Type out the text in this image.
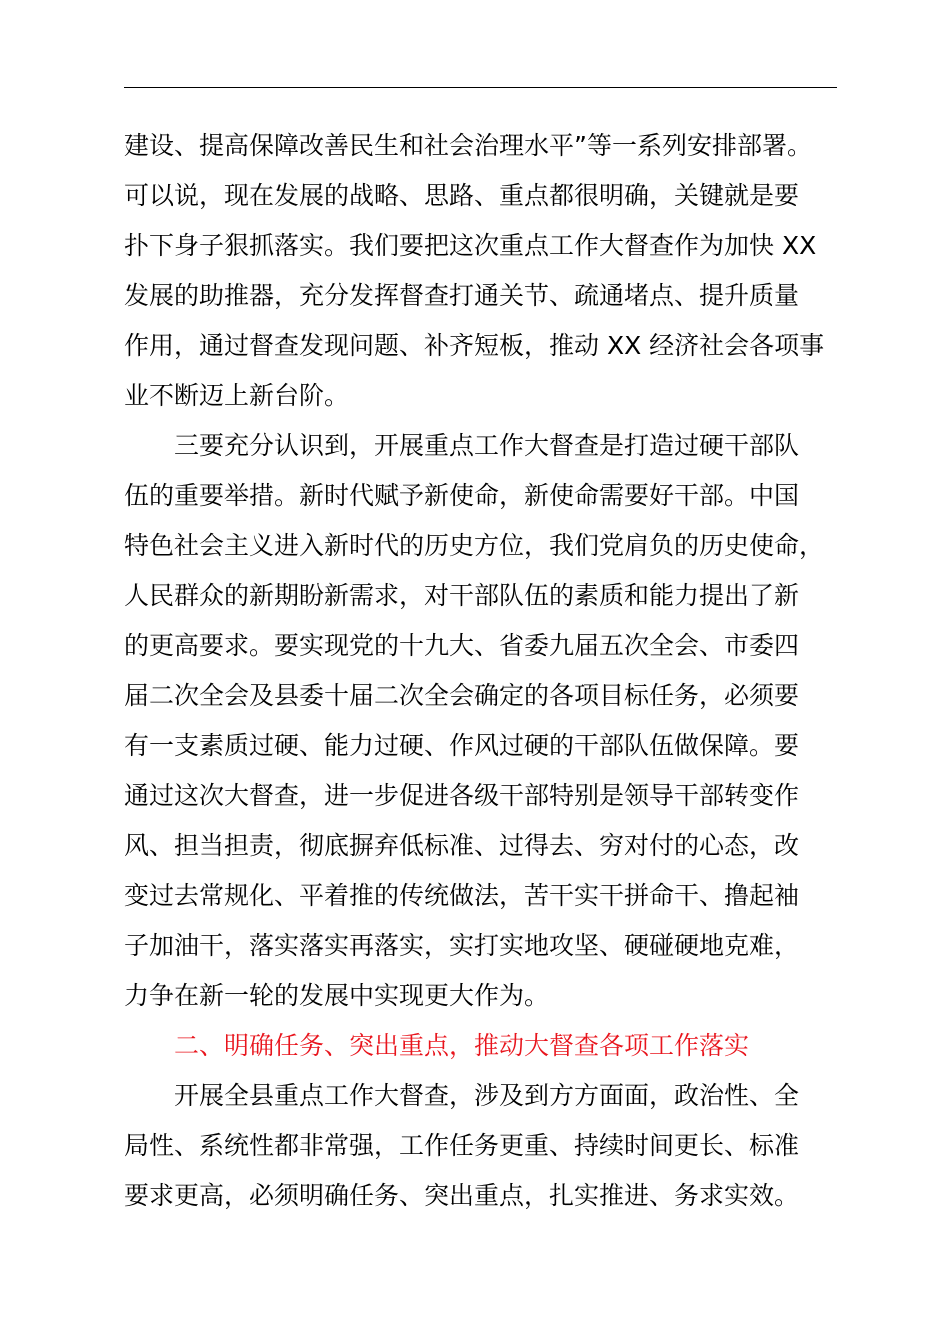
建设、提高保障改善民生和社会治理水平”等一系列安排部署。
可以说，现在发展的战略、思路、重点都很明确，关键就是要
扑下身子狠抓落实。我们要把这次重点工作大督查作为加快 XX
发展的助推器，充分发挥督查打通关节、疏通堵点、提升质量
作用，通过督查发现问题、补齐短板，推动 XX 经济社会各项事
业不断迈上新台阶。
三要充分认识到，开展重点工作大督查是打造过硬干部队
伍的重要举措。新时代赋予新使命，新使命需要好干部。中国
特色社会主义进入新时代的历史方位，我们党肩负的历史使命，
人民群众的新期盼新需求，对干部队伍的素质和能力提出了新
的更高要求。要实现党的十九大、省委九届五次全会、市委四
届二次全会及县委十届二次全会确定的各项目标任务，必须要
有一支素质过硬、能力过硬、作风过硬的干部队伍做保障。要
通过这次大督查，进一步促进各级干部特别是领导干部转变作
风、担当担责，彻底摒弃低标准、过得去、穷对付的心态，改
变过去常规化、平着推的传统做法，苦干实干拼命干、撸起袖
子加油干，落实落实再落实，实打实地攻坚、硬碰硬地克难，
力争在新一轮的发展中实现更大作为。
二、明确任务、突出重点，推动大督查各项工作落实
开展全县重点工作大督查，涉及到方方面面，政治性、全
局性、系统性都非常强，工作任务更重、持续时间更长、标准
要求更高，必须明确任务、突出重点，扎实推进、务求实效。
